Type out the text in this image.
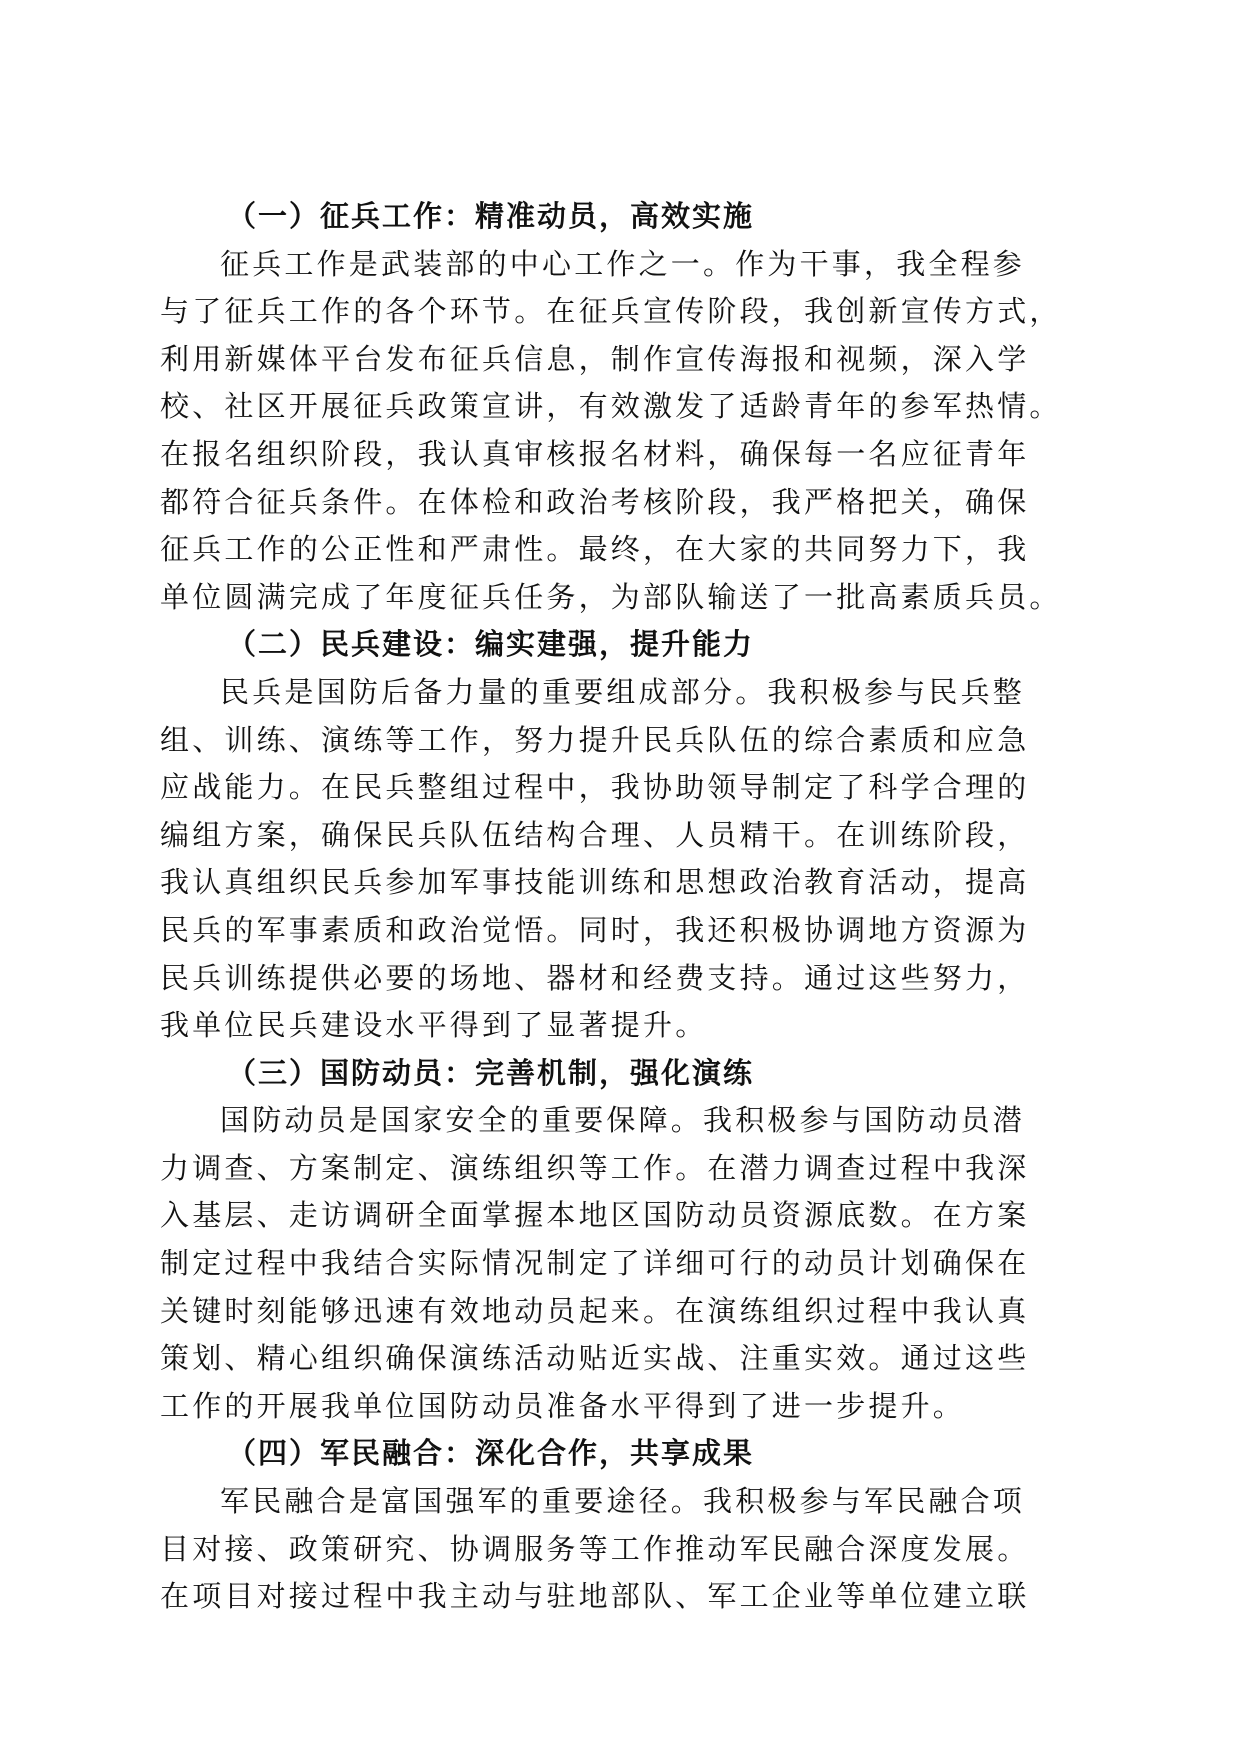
（一）征兵工作：精准动员，高效实施

征兵工作是武装部的中心工作之一。作为干事，我全程参
与了征兵工作的各个环节。在征兵宣传阶段，我创新宣传方式，
利用新媒体平台发布征兵信息，制作宣传海报和视频，深入学
校、社区开展征兵政策宣讲，有效激发了适龄青年的参军热情。
在报名组织阶段，我认真审核报名材料，确保每一名应征青年
都符合征兵条件。在体检和政治考核阶段，我严格把关，确保
征兵工作的公正性和严肃性。最终，在大家的共同努力下，我
单位圆满完成了年度征兵任务，为部队输送了一批高素质兵员。

（二）民兵建设：编实建强，提升能力

民兵是国防后备力量的重要组成部分。我积极参与民兵整
组、训练、演练等工作，努力提升民兵队伍的综合素质和应急
应战能力。在民兵整组过程中，我协助领导制定了科学合理的
编组方案，确保民兵队伍结构合理、人员精干。在训练阶段，
我认真组织民兵参加军事技能训练和思想政治教育活动，提高
民兵的军事素质和政治觉悟。同时，我还积极协调地方资源为
民兵训练提供必要的场地、器材和经费支持。通过这些努力，
我单位民兵建设水平得到了显著提升。

（三）国防动员：完善机制，强化演练

国防动员是国家安全的重要保障。我积极参与国防动员潜
力调查、方案制定、演练组织等工作。在潜力调查过程中我深
入基层、走访调研全面掌握本地区国防动员资源底数。在方案
制定过程中我结合实际情况制定了详细可行的动员计划确保在
关键时刻能够迅速有效地动员起来。在演练组织过程中我认真
策划、精心组织确保演练活动贴近实战、注重实效。通过这些
工作的开展我单位国防动员准备水平得到了进一步提升。

（四）军民融合：深化合作，共享成果

军民融合是富国强军的重要途径。我积极参与军民融合项
目对接、政策研究、协调服务等工作推动军民融合深度发展。
在项目对接过程中我主动与驻地部队、军工企业等单位建立联
